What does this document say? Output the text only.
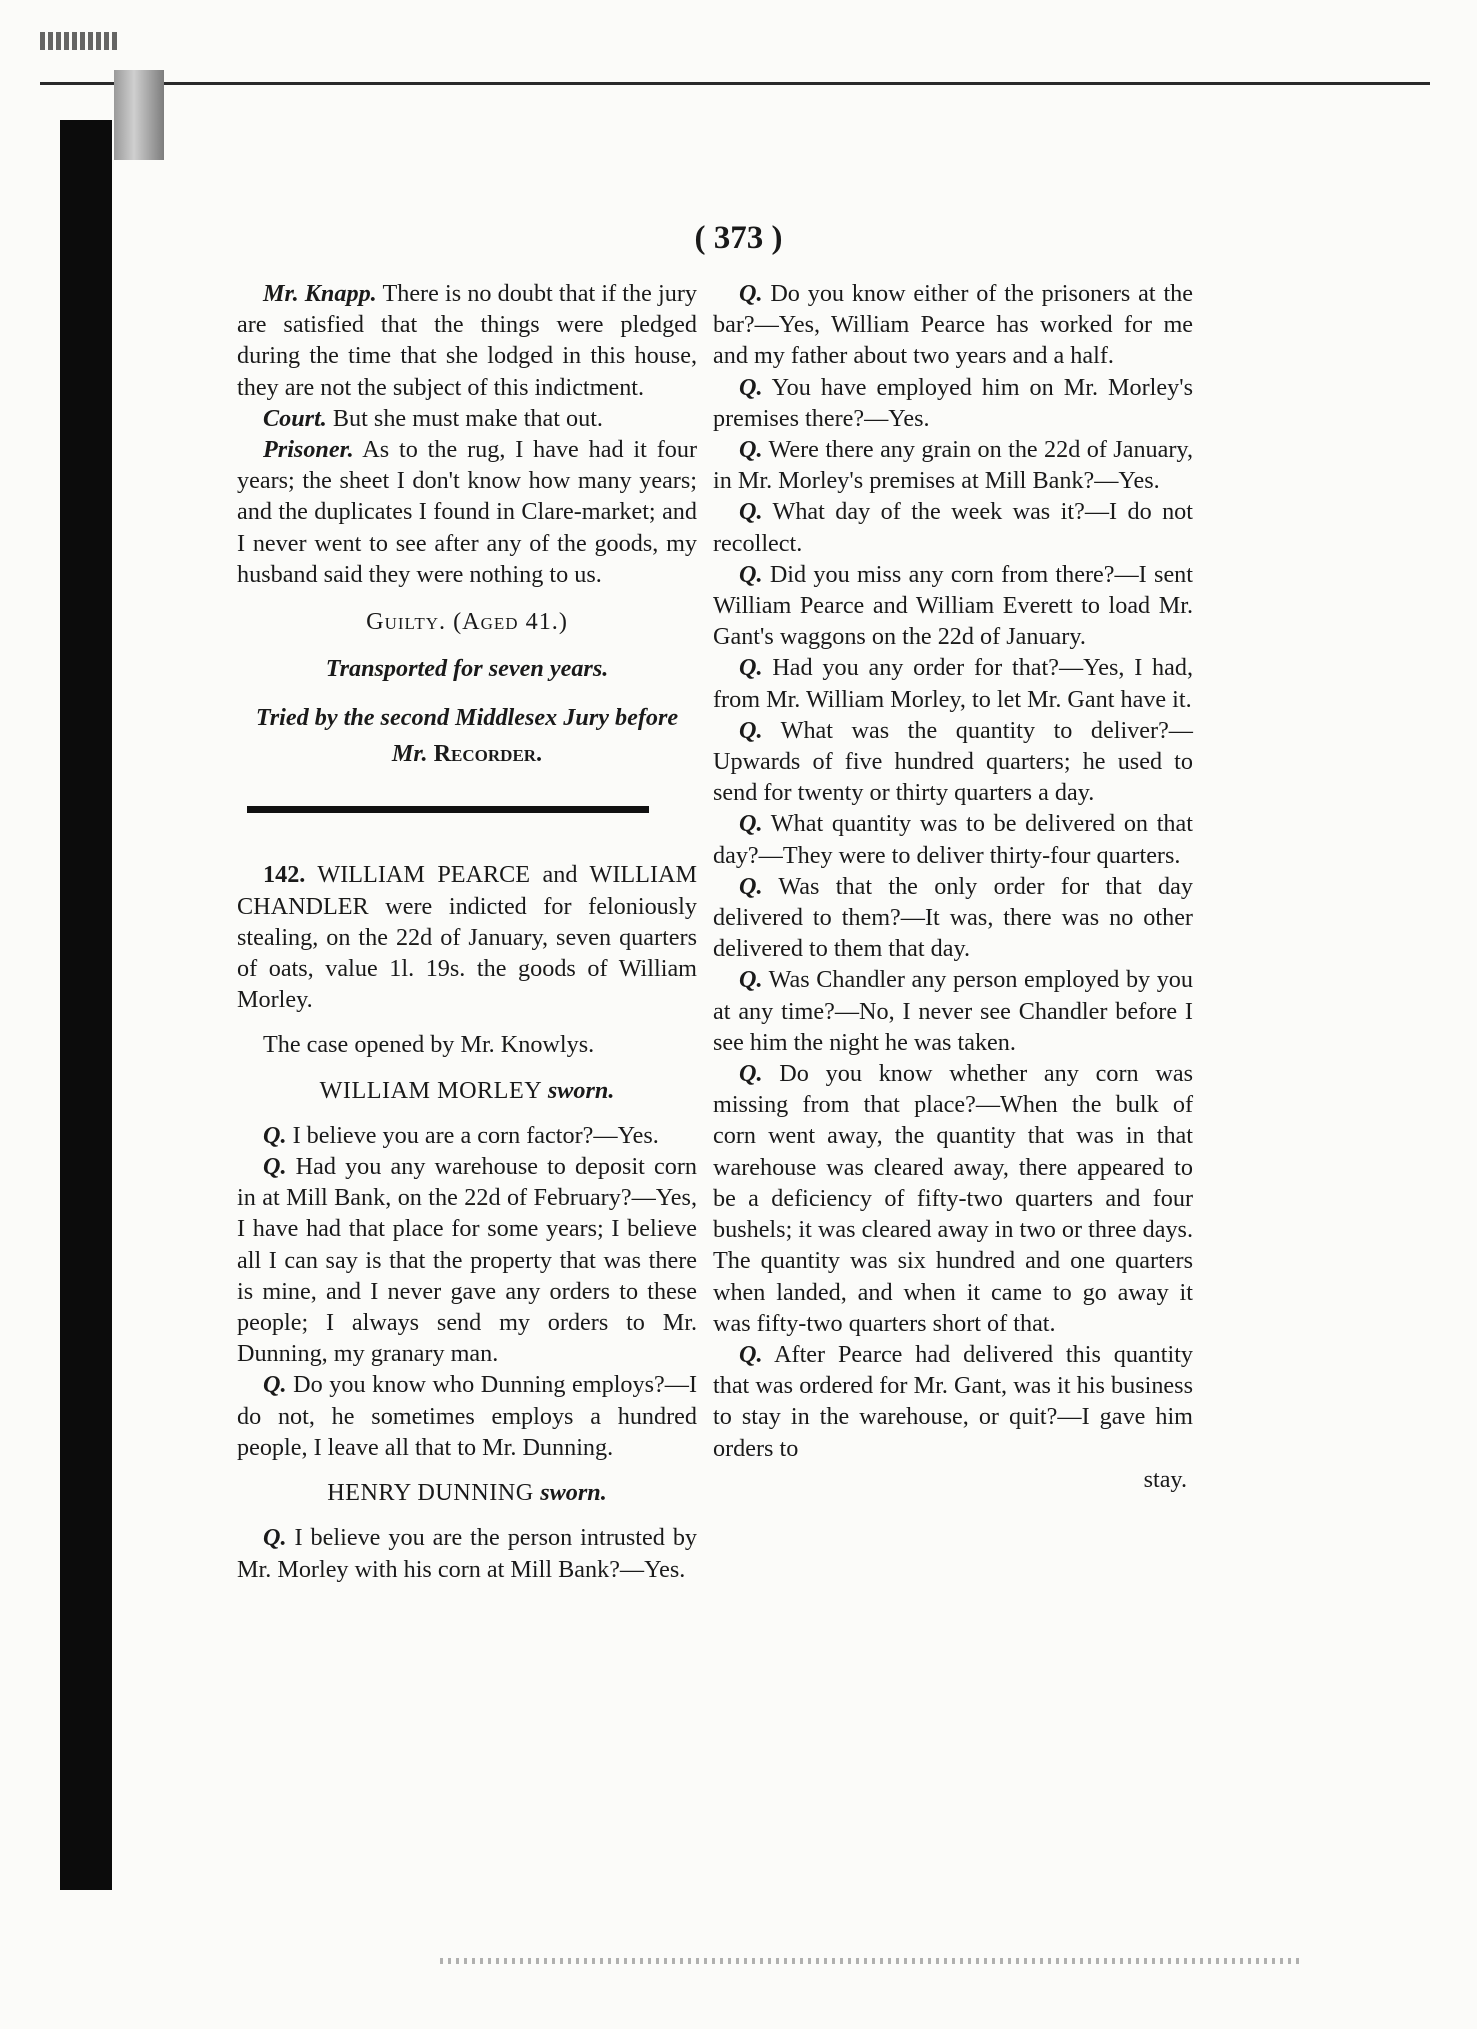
( 373 )

Mr. Knapp. There is no doubt that if the jury are satisfied that the things were pledged during the time that she lodged in this house, they are not the subject of this indictment.

Court. But she must make that out.

Prisoner. As to the rug, I have had it four years; the sheet I don't know how many years; and the duplicates I found in Clare-market; and I never went to see after any of the goods, my husband said they were nothing to us.

Guilty. (Aged 41.)

Transported for seven years.

Tried by the second Middlesex Jury before
Mr. Recorder.

142. WILLIAM PEARCE and WILLIAM CHANDLER were indicted for feloniously stealing, on the 22d of January, seven quarters of oats, value 1l. 19s. the goods of William Morley.

The case opened by Mr. Knowlys.

WILLIAM MORLEY sworn.

Q. I believe you are a corn factor?—Yes.

Q. Had you any warehouse to deposit corn in at Mill Bank, on the 22d of February?—Yes, I have had that place for some years; I believe all I can say is that the property that was there is mine, and I never gave any orders to these people; I always send my orders to Mr. Dunning, my granary man.

Q. Do you know who Dunning employs?—I do not, he sometimes employs a hundred people, I leave all that to Mr. Dunning.

HENRY DUNNING sworn.

Q. I believe you are the person intrusted by Mr. Morley with his corn at Mill Bank?—Yes.

Q. Do you know either of the prisoners at the bar?—Yes, William Pearce has worked for me and my father about two years and a half.

Q. You have employed him on Mr. Morley's premises there?—Yes.

Q. Were there any grain on the 22d of January, in Mr. Morley's premises at Mill Bank?—Yes.

Q. What day of the week was it?—I do not recollect.

Q. Did you miss any corn from there?—I sent William Pearce and William Everett to load Mr. Gant's waggons on the 22d of January.

Q. Had you any order for that?—Yes, I had, from Mr. William Morley, to let Mr. Gant have it.

Q. What was the quantity to deliver?—Upwards of five hundred quarters; he used to send for twenty or thirty quarters a day.

Q. What quantity was to be delivered on that day?—They were to deliver thirty-four quarters.

Q. Was that the only order for that day delivered to them?—It was, there was no other delivered to them that day.

Q. Was Chandler any person employed by you at any time?—No, I never see Chandler before I see him the night he was taken.

Q. Do you know whether any corn was missing from that place?—When the bulk of corn went away, the quantity that was in that warehouse was cleared away, there appeared to be a deficiency of fifty-two quarters and four bushels; it was cleared away in two or three days. The quantity was six hundred and one quarters when landed, and when it came to go away it was fifty-two quarters short of that.

Q. After Pearce had delivered this quantity that was ordered for Mr. Gant, was it his business to stay in the warehouse, or quit?—I gave him orders to

stay.
